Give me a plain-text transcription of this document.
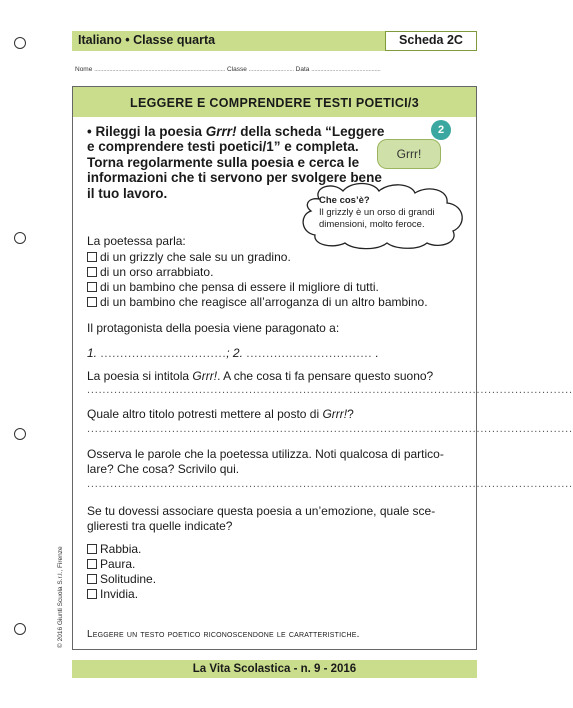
Italiano • Classe quarta	Scheda 2C
Nome ....................................................................................... Classe .............................. Data ..............................................
LEGGERE E COMPRENDERE TESTI POETICI/3
2
Grrr!
• Rileggi la poesia Grrr! della scheda “Leggere e comprendere testi poetici/1” e completa. Torna regolarmente sulla poesia e cerca le informazioni che ti servono per svolgere bene il tuo lavoro.	Che cos’è?
Il grizzly è un orso di grandi dimensioni, molto feroce.
La poetessa parla:
di un grizzly che sale su un gradino.
di un orso arrabbiato.
di un bambino che pensa di essere il migliore di tutti.
di un bambino che reagisce all’arroganza di un altro bambino.
Il protagonista della poesia viene paragonato a:
1. ................................; 2. ................................ .
La poesia si intitola Grrr!. A che cosa ti fa pensare questo suono?
..............................................................................................................................
Quale altro titolo potresti mettere al posto di Grrr!?
..............................................................................................................................
Osserva le parole che la poetessa utilizza. Noti qualcosa di partico-
lare? Che cosa? Scrivilo qui.
..............................................................................................................................
Se tu dovessi associare questa poesia a un’emozione, quale sce-
glieresti tra quelle indicate?
Rabbia.
Paura.
Solitudine.
Invidia.
Leggere un testo poetico riconoscendone le caratteristiche.
© 2016 Giunti Scuola S.r.l., Firenze
La Vita Scolastica - n. 9 - 2016
